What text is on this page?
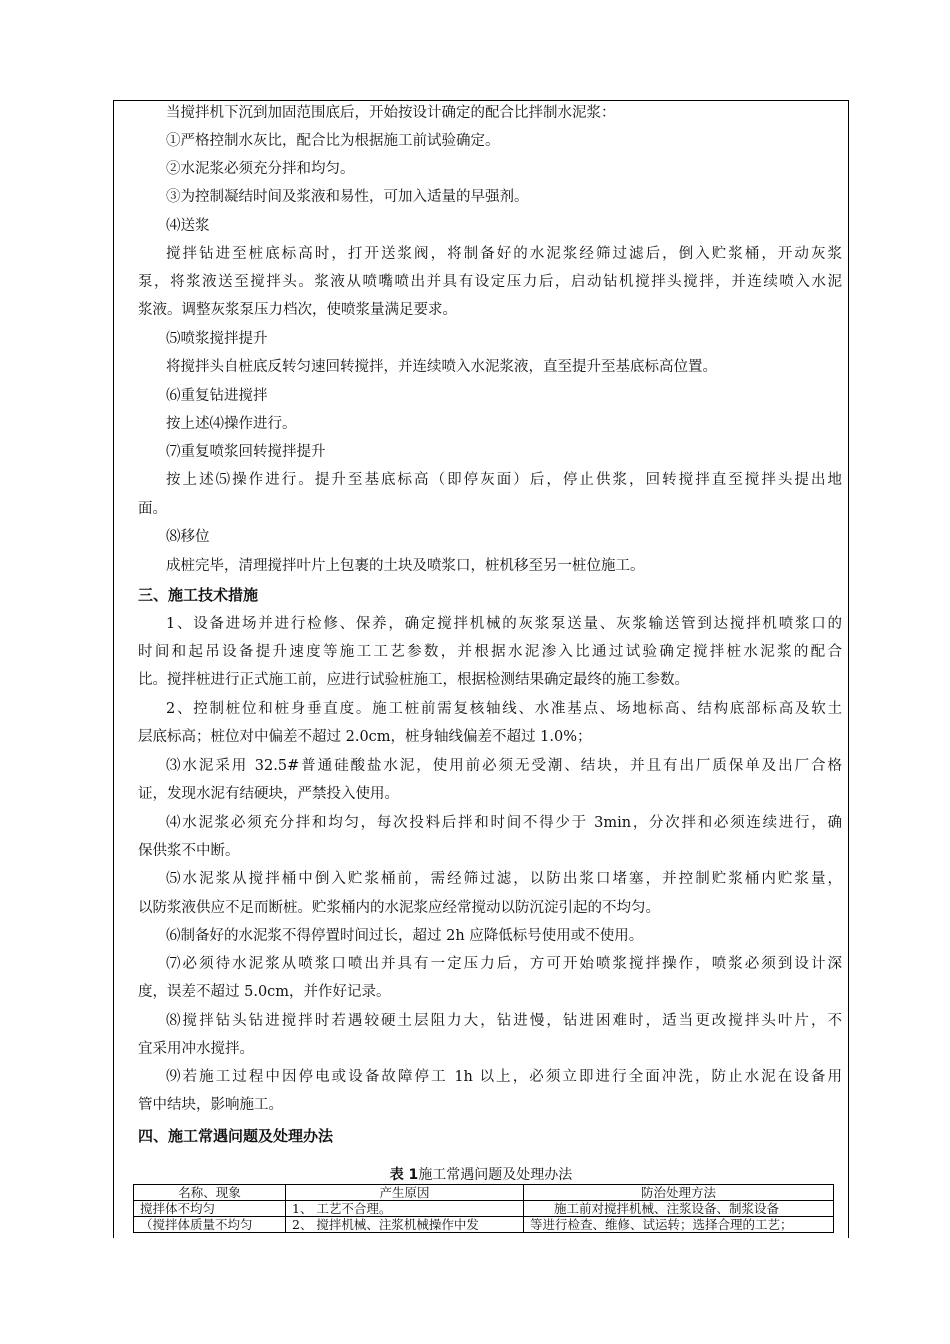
当搅拌机下沉到加固范围底后，开始按设计确定的配合比拌制水泥浆：
①严格控制水灰比，配合比为根据施工前试验确定。
②水泥浆必须充分拌和均匀。
③为控制凝结时间及浆液和易性，可加入适量的早强剂。
⑷送浆
搅拌钻进至桩底标高时，打开送浆阀，将制备好的水泥浆经筛过滤后，倒入贮浆桶，开动灰浆
泵，将浆液送至搅拌头。浆液从喷嘴喷出并具有设定压力后，启动钻机搅拌头搅拌，并连续喷入水泥
浆液。调整灰浆泵压力档次，使喷浆量满足要求。
⑸喷浆搅拌提升
将搅拌头自桩底反转匀速回转搅拌，并连续喷入水泥浆液，直至提升至基底标高位置。
⑹重复钻进搅拌
按上述⑷操作进行。
⑺重复喷浆回转搅拌提升
按上述⑸操作进行。提升至基底标高（即停灰面）后，停止供浆，回转搅拌直至搅拌头提出地
面。
⑻移位
成桩完毕，清理搅拌叶片上包裹的土块及喷浆口，桩机移至另一桩位施工。
三、施工技术措施
1、设备进场并进行检修、保养，确定搅拌机械的灰浆泵送量、灰浆输送管到达搅拌机喷浆口的
时间和起吊设备提升速度等施工工艺参数，并根据水泥渗入比通过试验确定搅拌桩水泥浆的配合
比。搅拌桩进行正式施工前，应进行试验桩施工，根据检测结果确定最终的施工参数。
2、控制桩位和桩身垂直度。施工桩前需复核轴线、水准基点、场地标高、结构底部标高及软土
层底标高；桩位对中偏差不超过 2.0cm，桩身轴线偏差不超过 1.0%；
⑶水泥采用 32.5#普通硅酸盐水泥，使用前必须无受潮、结块，并且有出厂质保单及出厂合格
证，发现水泥有结硬块，严禁投入使用。
⑷水泥浆必须充分拌和均匀，每次投料后拌和时间不得少于 3min，分次拌和必须连续进行，确
保供浆不中断。
⑸水泥浆从搅拌桶中倒入贮浆桶前，需经筛过滤，以防出浆口堵塞，并控制贮浆桶内贮浆量，
以防浆液供应不足而断桩。贮浆桶内的水泥浆应经常搅动以防沉淀引起的不均匀。
⑹制备好的水泥浆不得停置时间过长，超过 2h 应降低标号使用或不使用。
⑺必须待水泥浆从喷浆口喷出并具有一定压力后，方可开始喷浆搅拌操作，喷浆必须到设计深
度，误差不超过 5.0cm，并作好记录。
⑻搅拌钻头钻进搅拌时若遇较硬土层阻力大，钻进慢，钻进困难时，适当更改搅拌头叶片，不
宜采用冲水搅拌。
⑼若施工过程中因停电或设备故障停工 1h 以上，必须立即进行全面冲洗，防止水泥在设备用
管中结块，影响施工。
四、施工常遇问题及处理办法
表 1施工常遇问题及处理办法
名称、现象	产生原因	防治处理方法
搅拌体不均匀	1、 工艺不合理。	施工前对搅拌机械、注浆设备、制浆设备
（搅拌体质量不均匀	2、 搅拌机械、注浆机械操作中发	等进行检查、维修、试运转；选择合理的工艺；
